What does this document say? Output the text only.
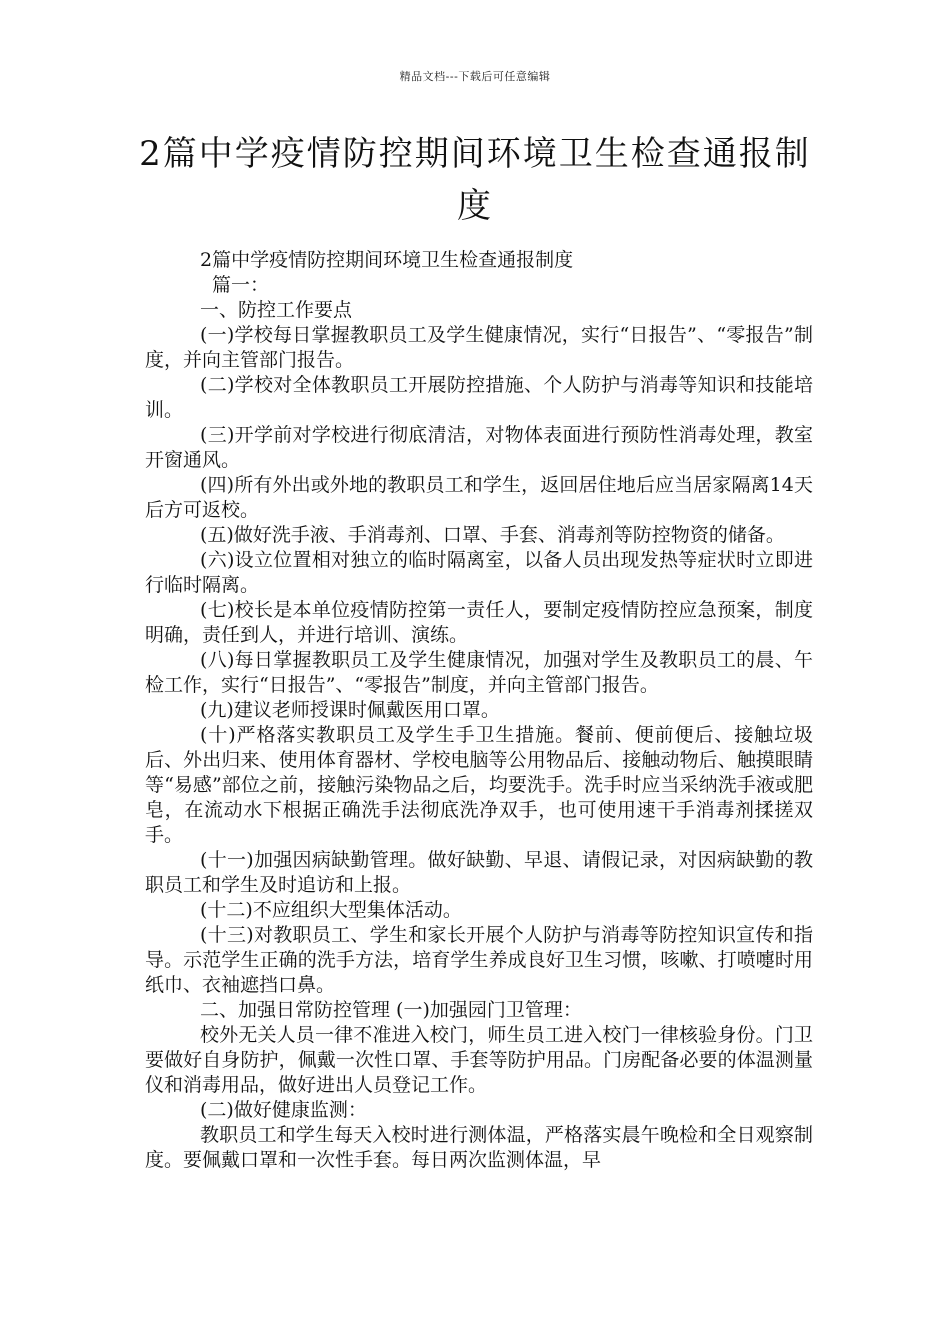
精品文档---下载后可任意编辑
2篇中学疫情防控期间环境卫生检查通报制度

2篇中学疫情防控期间环境卫生检查通报制度

篇一：

一、防控工作要点

(一)学校每日掌握教职员工及学生健康情况，实行“日报告”、“零报告”制度，并向主管部门报告。

(二)学校对全体教职员工开展防控措施、个人防护与消毒等知识和技能培训。

(三)开学前对学校进行彻底清洁，对物体表面进行预防性消毒处理，教室开窗通风。

(四)所有外出或外地的教职员工和学生，返回居住地后应当居家隔离14天后方可返校。

(五)做好洗手液、手消毒剂、口罩、手套、消毒剂等防控物资的储备。

(六)设立位置相对独立的临时隔离室，以备人员出现发热等症状时立即进行临时隔离。

(七)校长是本单位疫情防控第一责任人，要制定疫情防控应急预案，制度明确，责任到人，并进行培训、演练。

(八)每日掌握教职员工及学生健康情况，加强对学生及教职员工的晨、午检工作，实行“日报告”、“零报告”制度，并向主管部门报告。

(九)建议老师授课时佩戴医用口罩。

(十)严格落实教职员工及学生手卫生措施。餐前、便前便后、接触垃圾后、外出归来、使用体育器材、学校电脑等公用物品后、接触动物后、触摸眼睛等“易感”部位之前，接触污染物品之后，均要洗手。洗手时应当采纳洗手液或肥皂，在流动水下根据正确洗手法彻底洗净双手，也可使用速干手消毒剂揉搓双手。

(十一)加强因病缺勤管理。做好缺勤、早退、请假记录，对因病缺勤的教职员工和学生及时追访和上报。

(十二)不应组织大型集体活动。

(十三)对教职员工、学生和家长开展个人防护与消毒等防控知识宣传和指导。示范学生正确的洗手方法，培育学生养成良好卫生习惯，咳嗽、打喷嚏时用纸巾、衣袖遮挡口鼻。

二、加强日常防控管理 (一)加强园门卫管理：

校外无关人员一律不准进入校门，师生员工进入校门一律核验身份。门卫要做好自身防护，佩戴一次性口罩、手套等防护用品。门房配备必要的体温测量仪和消毒用品，做好进出人员登记工作。

(二)做好健康监测：

教职员工和学生每天入校时进行测体温，严格落实晨午晚检和全日观察制度。要佩戴口罩和一次性手套。每日两次监测体温，早
